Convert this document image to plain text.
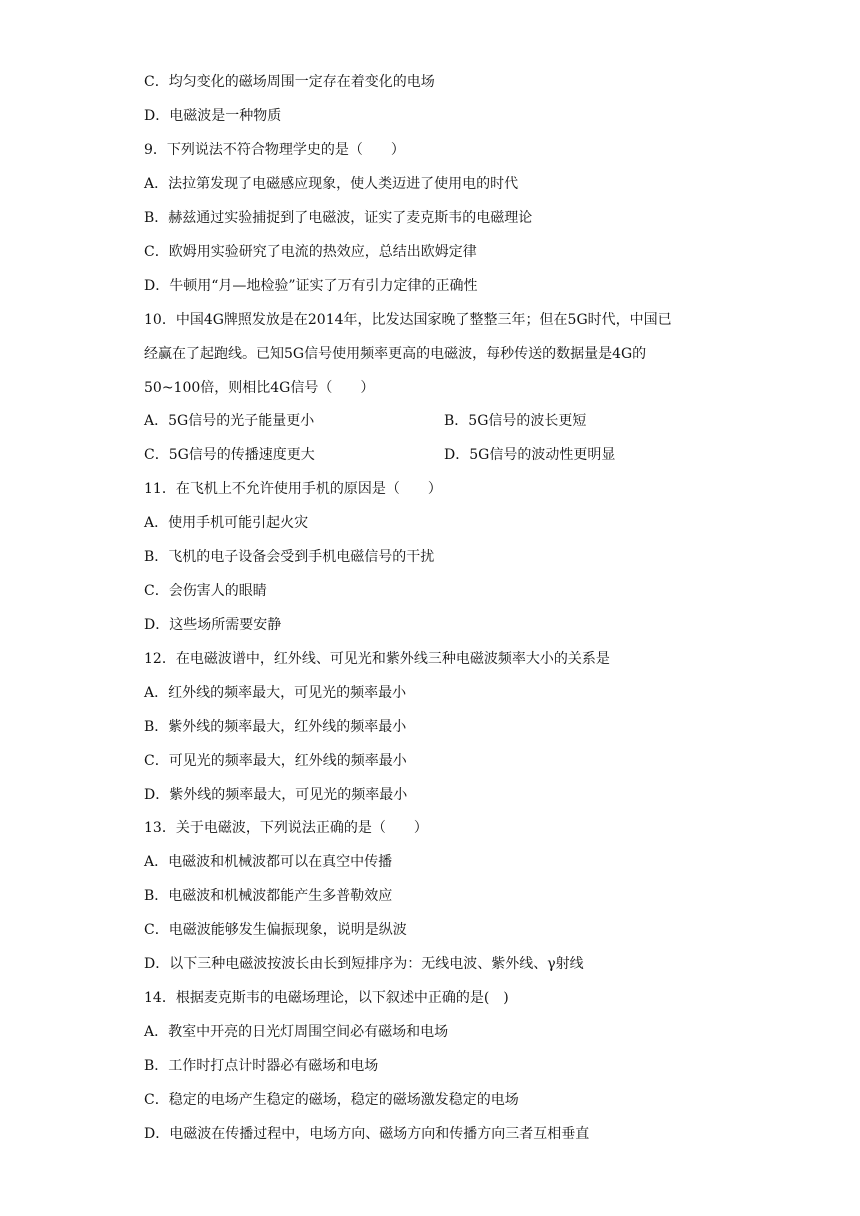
C．均匀变化的磁场周围一定存在着变化的电场
D．电磁波是一种物质
9．下列说法不符合物理学史的是（　　）
A．法拉第发现了电磁感应现象，使人类迈进了使用电的时代
B．赫兹通过实验捕捉到了电磁波，证实了麦克斯韦的电磁理论
C．欧姆用实验研究了电流的热效应，总结出欧姆定律
D．牛顿用“月—地检验”证实了万有引力定律的正确性
10．中国4G牌照发放是在2014年，比发达国家晚了整整三年；但在5G时代，中国已
经赢在了起跑线。已知5G信号使用频率更高的电磁波，每秒传送的数据量是4G的
50~100倍，则相比4G信号（　　）
A．5G信号的光子能量更小	B．5G信号的波长更短
C．5G信号的传播速度更大	D．5G信号的波动性更明显
11．在飞机上不允许使用手机的原因是（　　）
A．使用手机可能引起火灾
B．飞机的电子设备会受到手机电磁信号的干扰
C．会伤害人的眼睛
D．这些场所需要安静
12．在电磁波谱中，红外线、可见光和紫外线三种电磁波频率大小的关系是
A．红外线的频率最大，可见光的频率最小
B．紫外线的频率最大，红外线的频率最小
C．可见光的频率最大，红外线的频率最小
D．紫外线的频率最大，可见光的频率最小
13．关于电磁波，下列说法正确的是（　　）
A．电磁波和机械波都可以在真空中传播
B．电磁波和机械波都能产生多普勒效应
C．电磁波能够发生偏振现象，说明是纵波
D．以下三种电磁波按波长由长到短排序为：无线电波、紫外线、γ射线
14．根据麦克斯韦的电磁场理论，以下叙述中正确的是(　)
A．教室中开亮的日光灯周围空间必有磁场和电场
B．工作时打点计时器必有磁场和电场
C．稳定的电场产生稳定的磁场，稳定的磁场激发稳定的电场
D．电磁波在传播过程中，电场方向、磁场方向和传播方向三者互相垂直
